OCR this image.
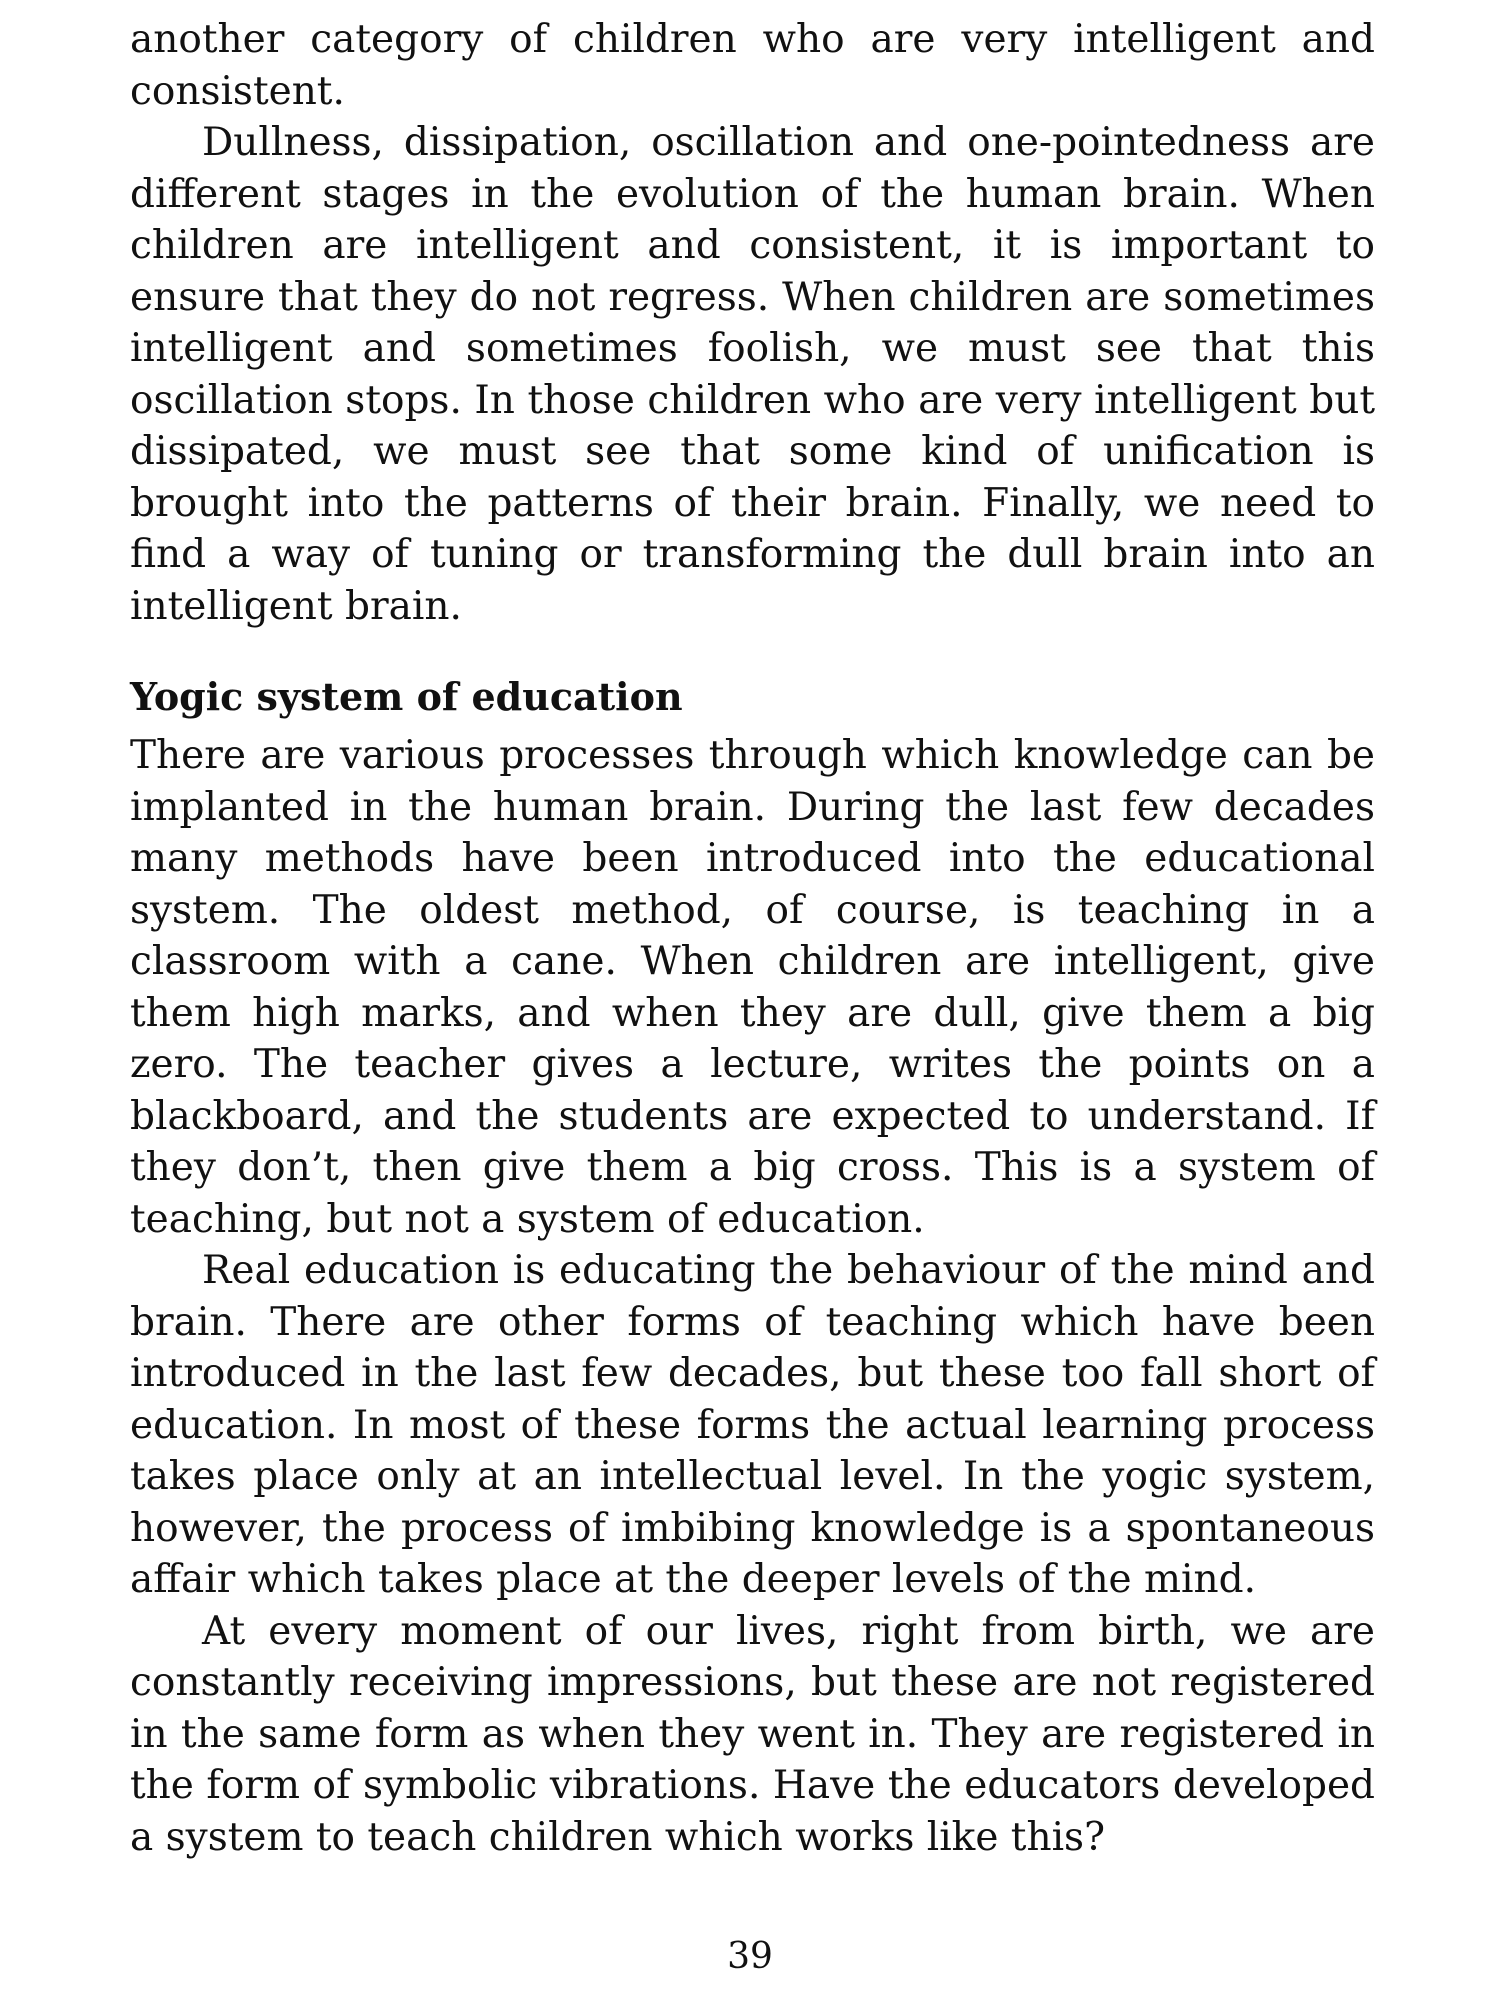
another category of children who are very intelligent and consistent.

Dullness, dissipation, oscillation and one-pointedness are different stages in the evolution of the human brain. When children are intelligent and consistent, it is important to ensure that they do not regress. When children are sometimes intelligent and sometimes foolish, we must see that this oscillation stops. In those children who are very intelligent but dissipated, we must see that some kind of unification is brought into the patterns of their brain. Finally, we need to find a way of tuning or transforming the dull brain into an intelligent brain.

Yogic system of education

There are various processes through which knowledge can be implanted in the human brain. During the last few decades many methods have been introduced into the educational system. The oldest method, of course, is teaching in a classroom with a cane. When children are intelligent, give them high marks, and when they are dull, give them a big zero. The teacher gives a lecture, writes the points on a blackboard, and the students are expected to understand. If they don’t, then give them a big cross. This is a system of teaching, but not a system of education.

Real education is educating the behaviour of the mind and brain. There are other forms of teaching which have been introduced in the last few decades, but these too fall short of education. In most of these forms the actual learning process takes place only at an intellectual level. In the yogic system, however, the process of imbibing knowledge is a spontaneous affair which takes place at the deeper levels of the mind.

At every moment of our lives, right from birth, we are constantly receiving impressions, but these are not registered in the same form as when they went in. They are registered in the form of symbolic vibrations. Have the educators developed a system to teach children which works like this?

39
